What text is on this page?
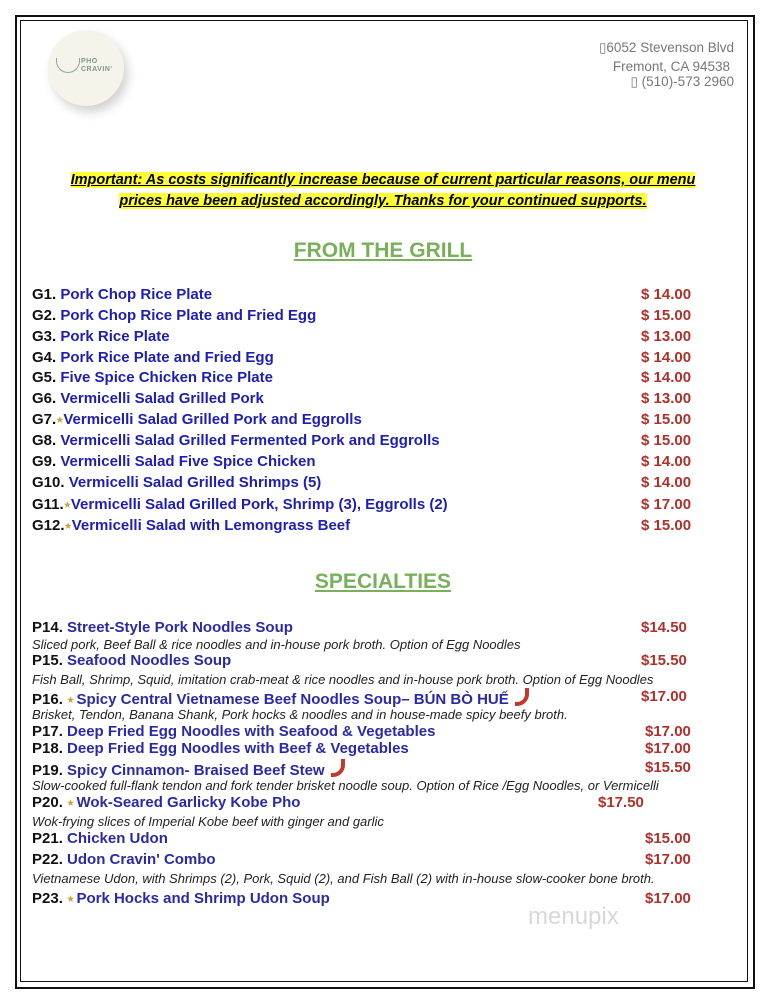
PHO CRAVIN'
▯6052 Stevenson Blvd
Fremont, CA 94538
▯ (510)-573 2960
Important: As costs significantly increase because of current particular reasons, our menu
prices have been adjusted accordingly. Thanks for your continued supports.
FROM THE GRILL
G1. Pork Chop Rice Plate	$ 14.00
G2. Pork Chop Rice Plate and Fried Egg	$ 15.00
G3. Pork Rice Plate	$ 13.00
G4. Pork Rice Plate and Fried Egg	$ 14.00
G5. Five Spice Chicken Rice Plate	$ 14.00
G6. Vermicelli Salad Grilled Pork	$ 13.00
G7.★Vermicelli Salad Grilled Pork and Eggrolls	$ 15.00
G8. Vermicelli Salad Grilled Fermented Pork and Eggrolls	$ 15.00
G9. Vermicelli Salad Five Spice Chicken	$ 14.00
G10. Vermicelli Salad Grilled Shrimps (5)	$ 14.00
G11.★Vermicelli Salad Grilled Pork, Shrimp (3), Eggrolls (2)	$ 17.00
G12.★Vermicelli Salad with Lemongrass Beef	$ 15.00
SPECIALTIES
P14. Street-Style Pork Noodles Soup	$14.50
Sliced pork, Beef Ball & rice noodles and in-house pork broth. Option of Egg Noodles
P15. Seafood Noodles Soup	$15.50
Fish Ball, Shrimp, Squid, imitation crab-meat & rice noodles and in-house pork broth. Option of Egg Noodles
P16. ★ Spicy Central Vietnamese Beef Noodles Soup– BÚN BÒ HUẾ	$17.00
Brisket, Tendon, Banana Shank, Pork hocks & noodles and in house-made spicy beefy broth.
P17. Deep Fried Egg Noodles with Seafood & Vegetables	$17.00
P18. Deep Fried Egg Noodles with Beef & Vegetables	$17.00
P19. Spicy Cinnamon- Braised Beef Stew	$15.50
Slow-cooked full-flank tendon and fork tender brisket noodle soup. Option of Rice /Egg Noodles, or Vermicelli
P20. ★ Wok-Seared Garlicky Kobe Pho	$17.50
Wok-frying slices of Imperial Kobe beef with ginger and garlic
P21. Chicken Udon	$15.00
P22. Udon Cravin' Combo	$17.00
Vietnamese Udon, with Shrimps (2), Pork, Squid (2), and Fish Ball (2) with in-house slow-cooker bone broth.
P23. ★ Pork Hocks and Shrimp Udon Soup	$17.00
menupix
